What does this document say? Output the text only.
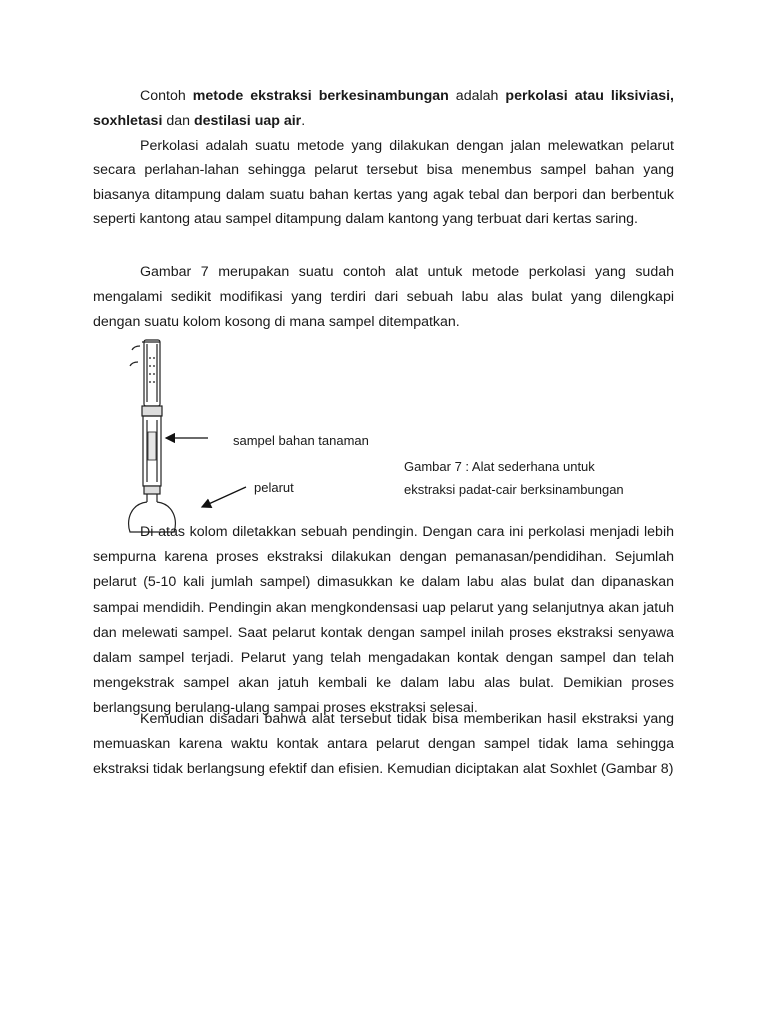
Contoh metode ekstraksi berkesinambungan adalah perkolasi atau liksiviasi, soxhletasi dan destilasi uap air.

Perkolasi adalah suatu metode yang dilakukan dengan jalan melewatkan pelarut secara perlahan-lahan sehingga pelarut tersebut bisa menembus sampel bahan yang biasanya ditampung dalam suatu bahan kertas yang agak tebal dan berpori dan berbentuk seperti kantong atau sampel ditampung dalam kantong yang terbuat dari kertas saring.

Gambar 7 merupakan suatu contoh alat untuk metode perkolasi yang sudah mengalami sedikit modifikasi yang terdiri dari sebuah labu alas bulat yang dilengkapi dengan suatu kolom kosong di mana sampel ditempatkan.

sampel bahan tanaman
pelarut
Gambar 7 : Alat sederhana untuk
ekstraksi padat-cair berksinambungan

Di atas kolom diletakkan sebuah pendingin. Dengan cara ini perkolasi menjadi lebih sempurna karena proses ekstraksi dilakukan dengan pemanasan/pendidihan. Sejumlah pelarut (5-10 kali jumlah sampel) dimasukkan ke dalam labu alas bulat dan dipanaskan sampai mendidih. Pendingin akan mengkondensasi uap pelarut yang selanjutnya akan jatuh dan melewati sampel. Saat pelarut kontak dengan sampel inilah proses ekstraksi senyawa dalam sampel terjadi. Pelarut yang telah mengadakan kontak dengan sampel dan telah mengekstrak sampel akan jatuh kembali ke dalam labu alas bulat. Demikian proses berlangsung berulang-ulang sampai proses ekstraksi selesai.

Kemudian disadari bahwa alat tersebut tidak bisa memberikan hasil ekstraksi yang memuaskan karena waktu kontak antara pelarut dengan sampel tidak lama sehingga ekstraksi tidak berlangsung efektif dan efisien. Kemudian diciptakan alat Soxhlet (Gambar 8)
